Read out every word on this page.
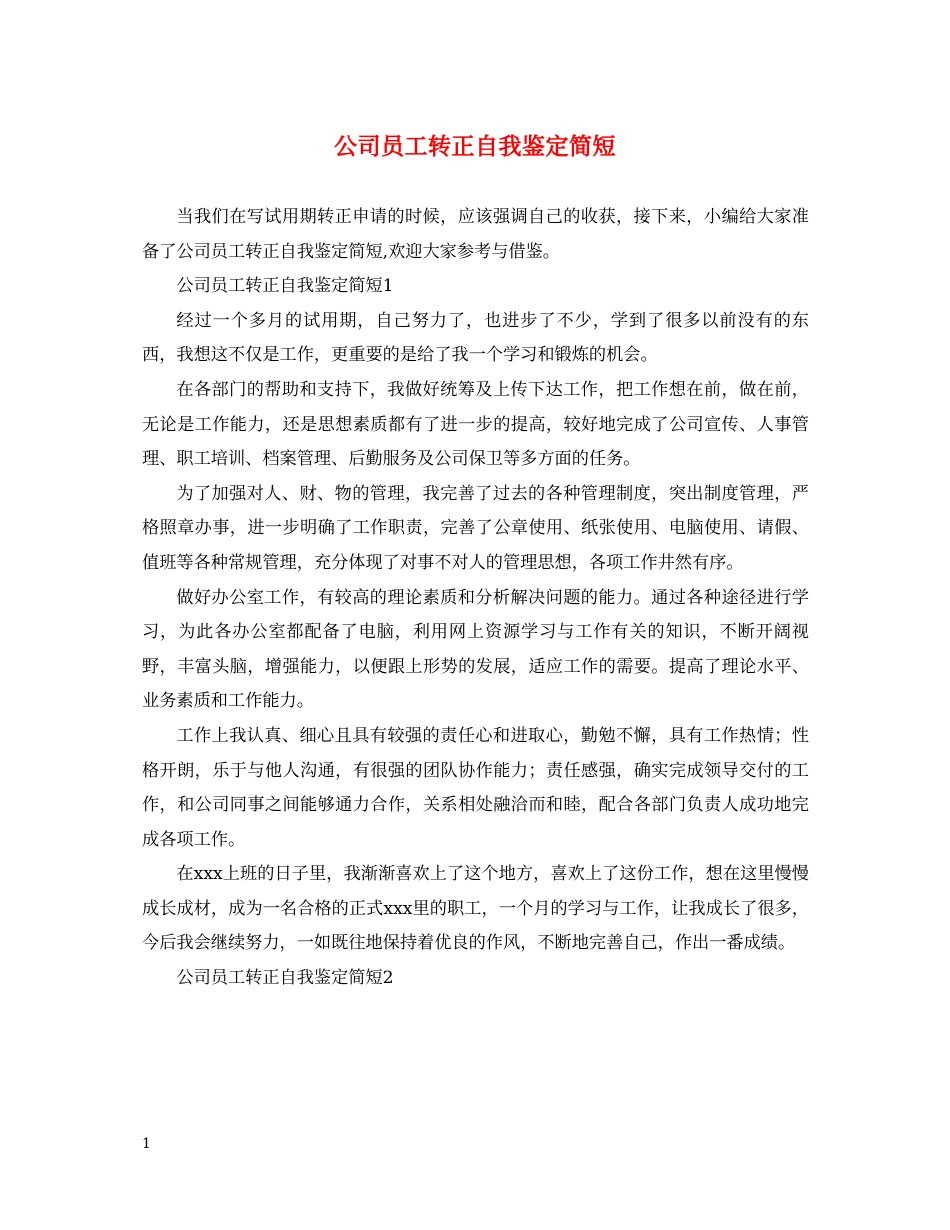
公司员工转正自我鉴定简短

当我们在写试用期转正申请的时候，应该强调自己的收获，接下来，小编给大家准备了公司员工转正自我鉴定简短,欢迎大家参考与借鉴。

公司员工转正自我鉴定简短1

经过一个多月的试用期，自己努力了，也进步了不少，学到了很多以前没有的东西，我想这不仅是工作，更重要的是给了我一个学习和锻炼的机会。

在各部门的帮助和支持下，我做好统筹及上传下达工作，把工作想在前，做在前，无论是工作能力，还是思想素质都有了进一步的提高，较好地完成了公司宣传、人事管理、职工培训、档案管理、后勤服务及公司保卫等多方面的任务。

为了加强对人、财、物的管理，我完善了过去的各种管理制度，突出制度管理，严格照章办事，进一步明确了工作职责，完善了公章使用、纸张使用、电脑使用、请假、值班等各种常规管理，充分体现了对事不对人的管理思想，各项工作井然有序。

做好办公室工作，有较高的理论素质和分析解决问题的能力。通过各种途径进行学习，为此各办公室都配备了电脑，利用网上资源学习与工作有关的知识，不断开阔视野，丰富头脑，增强能力，以便跟上形势的发展，适应工作的需要。提高了理论水平、业务素质和工作能力。

工作上我认真、细心且具有较强的责任心和进取心，勤勉不懈，具有工作热情；性格开朗，乐于与他人沟通，有很强的团队协作能力；责任感强，确实完成领导交付的工作，和公司同事之间能够通力合作，关系相处融洽而和睦，配合各部门负责人成功地完成各项工作。

在xxx上班的日子里，我渐渐喜欢上了这个地方，喜欢上了这份工作，想在这里慢慢成长成材，成为一名合格的正式xxx里的职工，一个月的学习与工作，让我成长了很多，今后我会继续努力，一如既往地保持着优良的作风，不断地完善自己，作出一番成绩。

公司员工转正自我鉴定简短2

1
